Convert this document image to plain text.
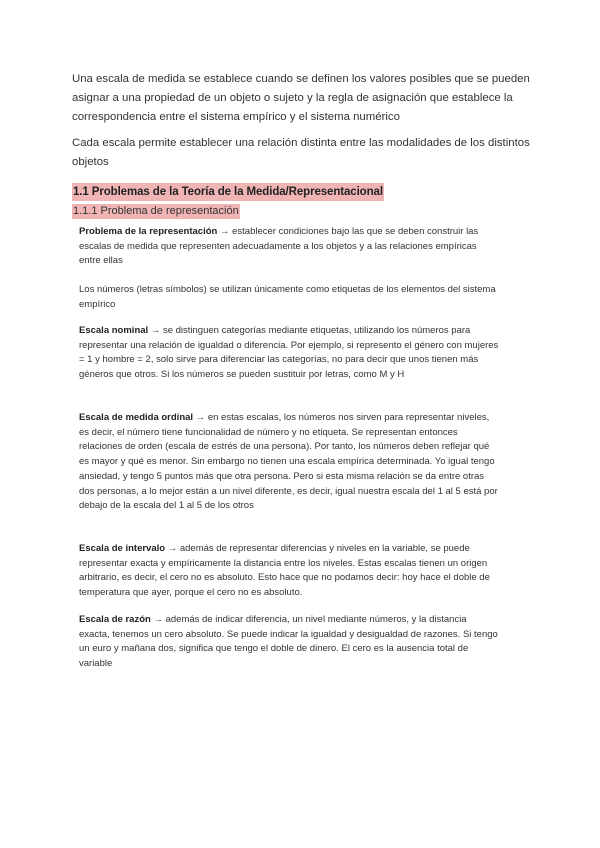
Una escala de medida se establece cuando se definen los valores posibles que se pueden asignar a una propiedad de un objeto o sujeto y la regla de asignación que establece la correspondencia entre el sistema empírico y el sistema numérico

Cada escala permite establecer una relación distinta entre las modalidades de los distintos objetos

1.1 Problemas de la Teoría de la Medida/Representacional
1.1.1 Problema de representación

Problema de la representación → establecer condiciones bajo las que se deben construir las escalas de medida que representen adecuadamente a los objetos y a las relaciones empíricas entre ellas

Los números (letras símbolos) se utilizan únicamente como etiquetas de los elementos del sistema empírico

Escala nominal → se distinguen categorías mediante etiquetas, utilizando los números para representar una relación de igualdad o diferencia. Por ejemplo, si represento el género con mujeres = 1 y hombre = 2, solo sirve para diferenciar las categorías, no para decir que unos tienen más géneros que otros. Si los números se pueden sustituir por letras, como M y H

Escala de medida ordinal → en estas escalas, los números nos sirven para representar niveles, es decir, el número tiene funcionalidad de número y no etiqueta. Se representan entonces relaciones de orden (escala de estrés de una persona). Por tanto, los números deben reflejar qué es mayor y qué es menor. Sin embargo no tienen una escala empírica determinada. Yo igual tengo ansiedad, y tengo 5 puntos más que otra persona. Pero si esta misma relación se da entre otras dos personas, a lo mejor están a un nivel diferente, es decir, igual nuestra escala del 1 al 5 está por debajo de la escala del 1 al 5 de los otros

Escala de intervalo → además de representar diferencias y niveles en la variable, se puede representar exacta y empíricamente la distancia entre los niveles. Estas escalas tienen un origen arbitrario, es decir, el cero no es absoluto. Esto hace que no podamos decir: hoy hace el doble de temperatura que ayer, porque el cero no es absoluto.

Escala de razón → además de indicar diferencia, un nivel mediante números, y la distancia exacta, tenemos un cero absoluto. Se puede indicar la igualdad y desigualdad de razones. Si tengo un euro y mañana dos, significa que tengo el doble de dinero. El cero es la ausencia total de variable
